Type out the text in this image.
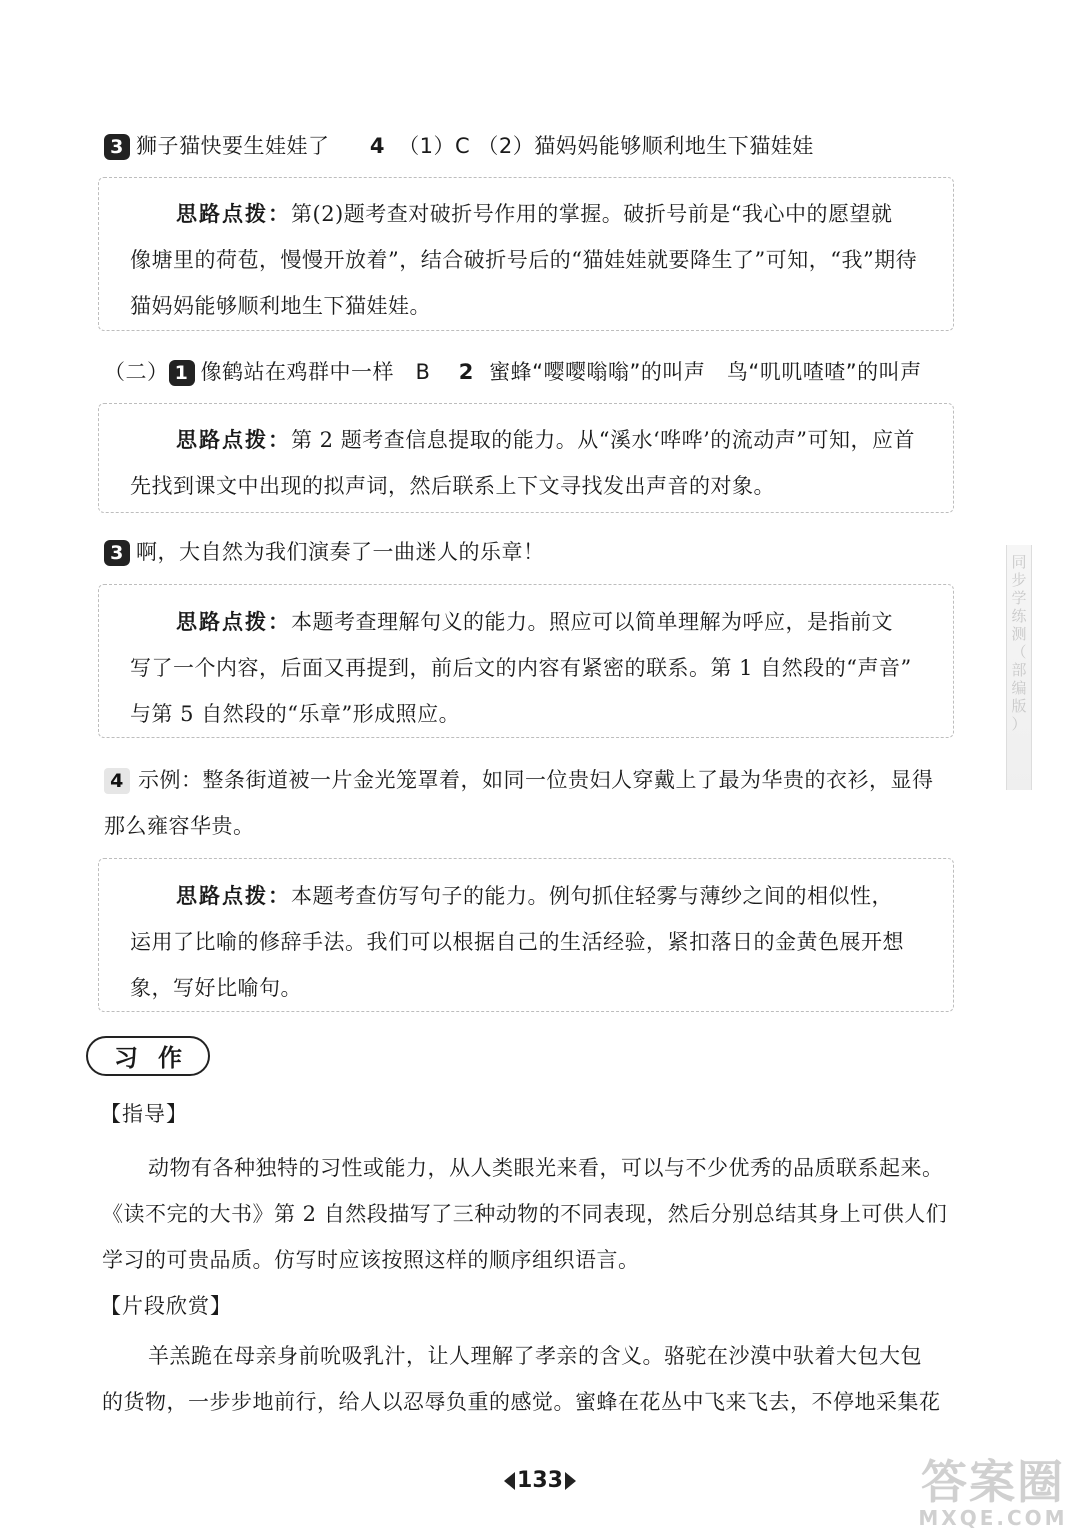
3 狮子猫快要生娃娃了 4 （1）C （2）猫妈妈能够顺利地生下猫娃娃
思路点拨：第(2)题考查对破折号作用的掌握。破折号前是“我心中的愿望就
像塘里的荷苞，慢慢开放着”，结合破折号后的“猫娃娃就要降生了”可知，“我”期待
猫妈妈能够顺利地生下猫娃娃。
（二） 1 像鹤站在鸡群中一样　B 2 蜜蜂“嘤嘤嗡嗡”的叫声　鸟“叽叽喳喳”的叫声
思路点拨：第 2 题考查信息提取的能力。从“溪水‘哗哗’的流动声”可知，应首
先找到课文中出现的拟声词，然后联系上下文寻找发出声音的对象。
3 啊，大自然为我们演奏了一曲迷人的乐章！
思路点拨：本题考查理解句义的能力。照应可以简单理解为呼应，是指前文
写了一个内容，后面又再提到，前后文的内容有紧密的联系。第 1 自然段的“声音”
与第 5 自然段的“乐章”形成照应。
4 示例：整条街道被一片金光笼罩着，如同一位贵妇人穿戴上了最为华贵的衣衫，显得
那么雍容华贵。
思路点拨：本题考查仿写句子的能力。例句抓住轻雾与薄纱之间的相似性，
运用了比喻的修辞手法。我们可以根据自己的生活经验，紧扣落日的金黄色展开想
象，写好比喻句。
习作
【指导】
动物有各种独特的习性或能力，从人类眼光来看，可以与不少优秀的品质联系起来。
《读不完的大书》第 2 自然段描写了三种动物的不同表现，然后分别总结其身上可供人们
学习的可贵品质。仿写时应该按照这样的顺序组织语言。
【片段欣赏】
羊羔跪在母亲身前吮吸乳汁，让人理解了孝亲的含义。骆驼在沙漠中驮着大包大包
的货物，一步步地前行，给人以忍辱负重的感觉。蜜蜂在花丛中飞来飞去，不停地采集花
同
步
学
练
测
（
部
编
版
）
133	答案圈
MXQE.COM
